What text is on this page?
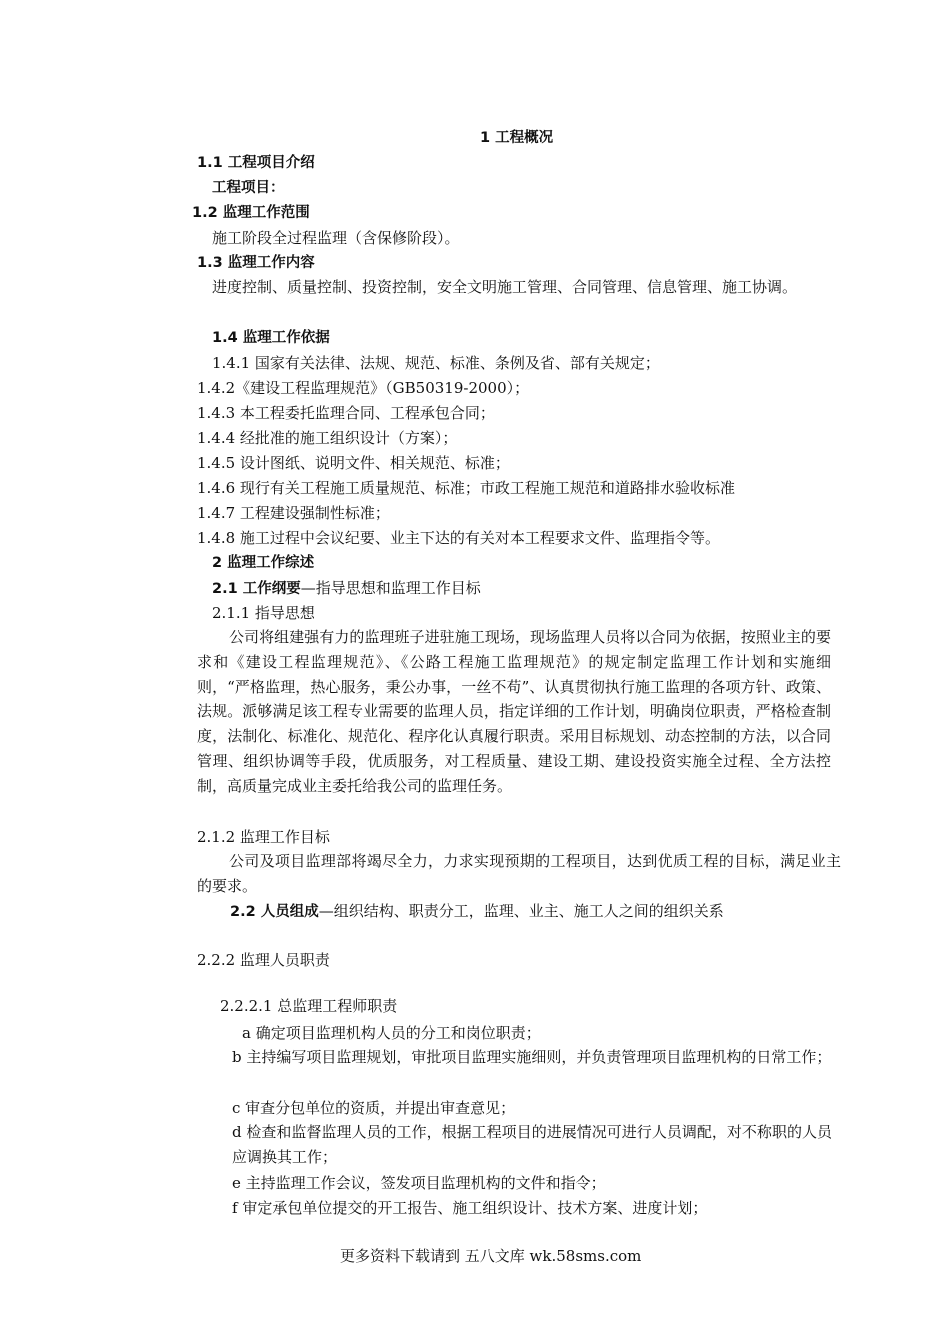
1 工程概况
1.1 工程项目介绍
工程项目：
1.2 监理工作范围
施工阶段全过程监理（含保修阶段）。
1.3 监理工作内容
进度控制、质量控制、投资控制，安全文明施工管理、合同管理、信息管理、施工协调。
1.4 监理工作依据
1.4.1 国家有关法律、法规、规范、标准、条例及省、部有关规定；
1.4.2《建设工程监理规范》（GB50319-2000）；
1.4.3 本工程委托监理合同、工程承包合同；
1.4.4 经批准的施工组织设计（方案）；
1.4.5 设计图纸、说明文件、相关规范、标准；
1.4.6 现行有关工程施工质量规范、标准；市政工程施工规范和道路排水验收标准
1.4.7 工程建设强制性标准；
1.4.8 施工过程中会议纪要、业主下达的有关对本工程要求文件、监理指令等。
2 监理工作综述
2.1 工作纲要—指导思想和监理工作目标
2.1.1 指导思想
公司将组建强有力的监理班子进驻施工现场，现场监理人员将以合同为依据，按照业主的要求和《建设工程监理规范》、《公路工程施工监理规范》的规定制定监理工作计划和实施细则，“严格监理，热心服务，秉公办事，一丝不苟”、认真贯彻执行施工监理的各项方针、政策、法规。派够满足该工程专业需要的监理人员，指定详细的工作计划，明确岗位职责，严格检查制度，法制化、标准化、规范化、程序化认真履行职责。采用目标规划、动态控制的方法，以合同管理、组织协调等手段，优质服务，对工程质量、建设工期、建设投资实施全过程、全方法控制，高质量完成业主委托给我公司的监理任务。
2.1.2 监理工作目标
公司及项目监理部将竭尽全力，力求实现预期的工程项目，达到优质工程的目标，满足业主的要求。
2.2 人员组成—组织结构、职责分工，监理、业主、施工人之间的组织关系
2.2.2 监理人员职责
2.2.2.1 总监理工程师职责
a 确定项目监理机构人员的分工和岗位职责；
b 主持编写项目监理规划，审批项目监理实施细则，并负责管理项目监理机构的日常工作；
c 审查分包单位的资质，并提出审查意见；
d 检查和监督监理人员的工作，根据工程项目的进展情况可进行人员调配，对不称职的人员应调换其工作；
e 主持监理工作会议，签发项目监理机构的文件和指令；
f 审定承包单位提交的开工报告、施工组织设计、技术方案、进度计划；
更多资料下载请到 五八文库 wk.58sms.com
